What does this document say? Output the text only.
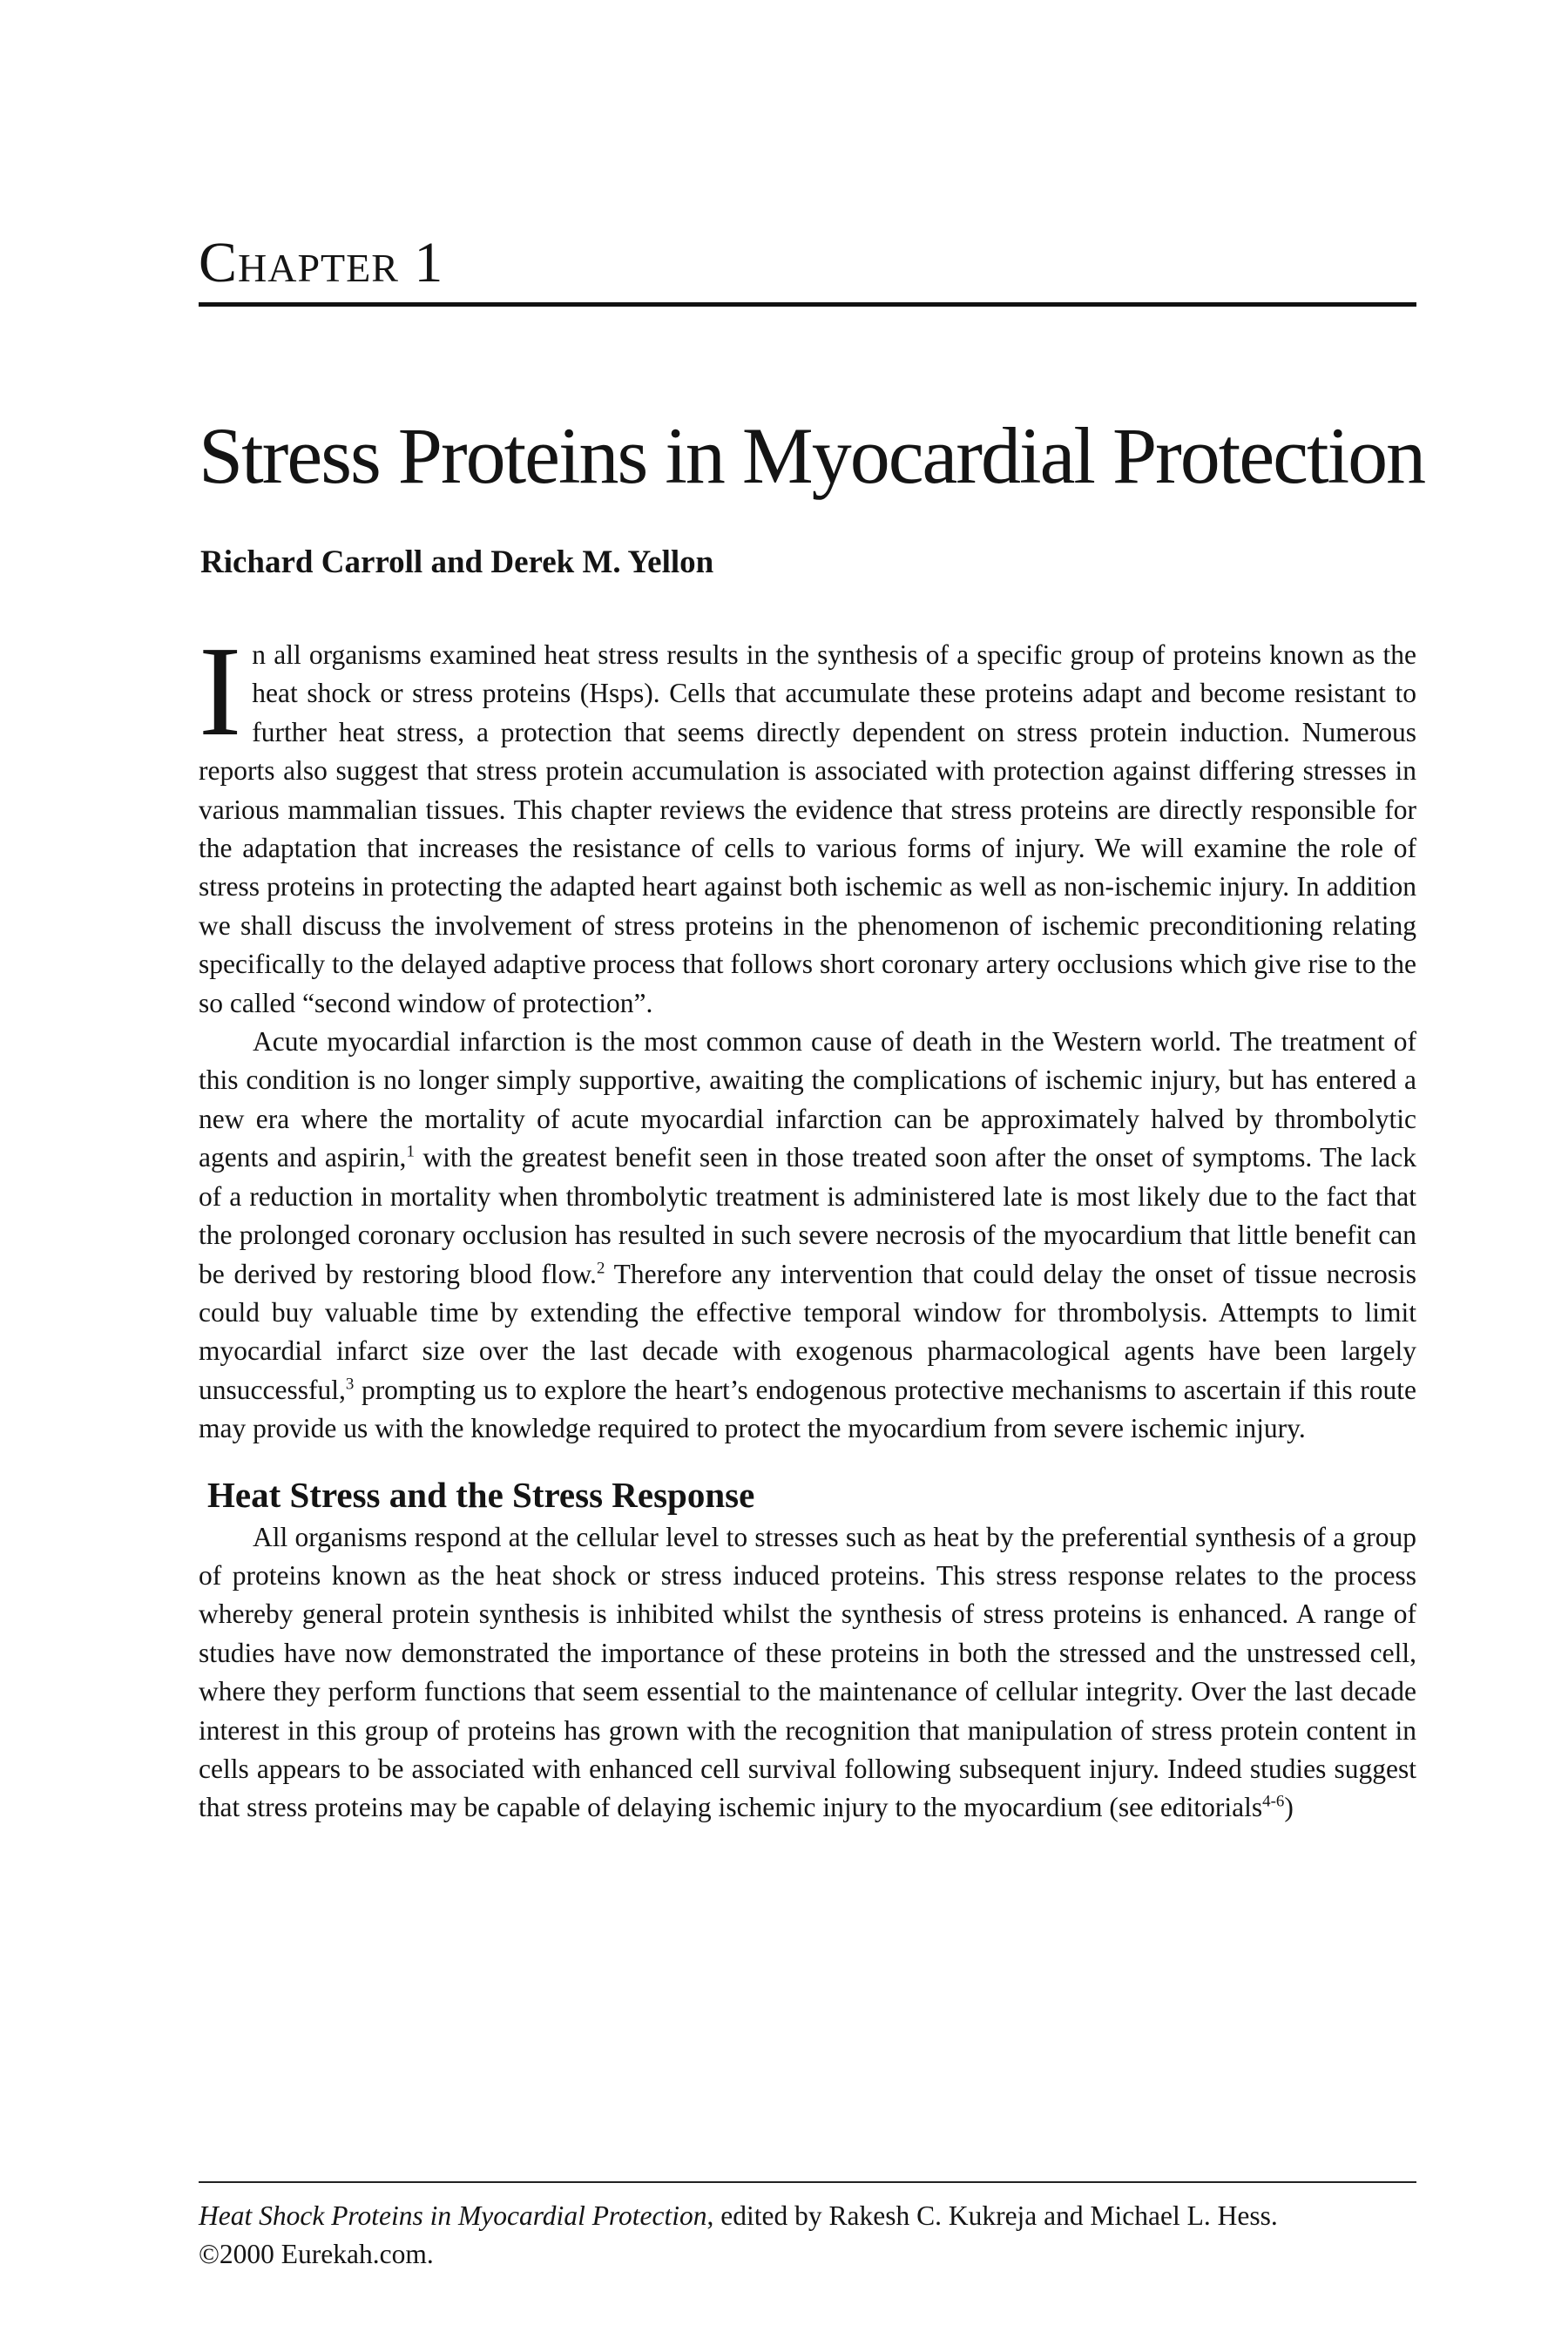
Chapter 1
Stress Proteins in Myocardial Protection
Richard Carroll and Derek M. Yellon

In all organisms examined heat stress results in the synthesis of a specific group of proteins known as the heat shock or stress proteins (Hsps). Cells that accumulate these proteins adapt and become resistant to further heat stress, a protection that seems directly dependent on stress protein induction. Numerous reports also suggest that stress protein accumulation is associated with protection against differing stresses in various mammalian tissues. This chapter reviews the evidence that stress proteins are directly responsible for the adaptation that increases the resistance of cells to various forms of injury. We will examine the role of stress proteins in protecting the adapted heart against both ischemic as well as non-ischemic injury. In addition we shall discuss the involvement of stress proteins in the phenomenon of ischemic preconditioning relating specifically to the delayed adaptive process that follows short coronary artery occlusions which give rise to the so called “second window of protection”.

Acute myocardial infarction is the most common cause of death in the Western world. The treatment of this condition is no longer simply supportive, awaiting the complications of ischemic injury, but has entered a new era where the mortality of acute myocardial infarction can be approximately halved by thrombolytic agents and aspirin,$^1$ with the greatest benefit seen in those treated soon after the onset of symptoms. The lack of a reduction in mortality when thrombolytic treatment is administered late is most likely due to the fact that the prolonged coronary occlusion has resulted in such severe necrosis of the myocardium that little benefit can be derived by restoring blood flow.$^2$ Therefore any intervention that could delay the onset of tissue necrosis could buy valuable time by extending the effective temporal window for thrombolysis. Attempts to limit myocardial infarct size over the last decade with exogenous pharmacological agents have been largely unsuccessful,$^3$ prompting us to explore the heart’s endogenous protective mechanisms to ascertain if this route may provide us with the knowledge required to protect the myocardium from severe ischemic injury.

Heat Stress and the Stress Response

All organisms respond at the cellular level to stresses such as heat by the preferential synthesis of a group of proteins known as the heat shock or stress induced proteins. This stress response relates to the process whereby general protein synthesis is inhibited whilst the synthesis of stress proteins is enhanced. A range of studies have now demonstrated the importance of these proteins in both the stressed and the unstressed cell, where they perform functions that seem essential to the maintenance of cellular integrity. Over the last decade interest in this group of proteins has grown with the recognition that manipulation of stress protein content in cells appears to be associated with enhanced cell survival following subsequent injury. Indeed studies suggest that stress proteins may be capable of delaying ischemic injury to the myocardium (see editorials$^{4-6}$)

Heat Shock Proteins in Myocardial Protection, edited by Rakesh C. Kukreja and Michael L. Hess.
©2000 Eurekah.com.
